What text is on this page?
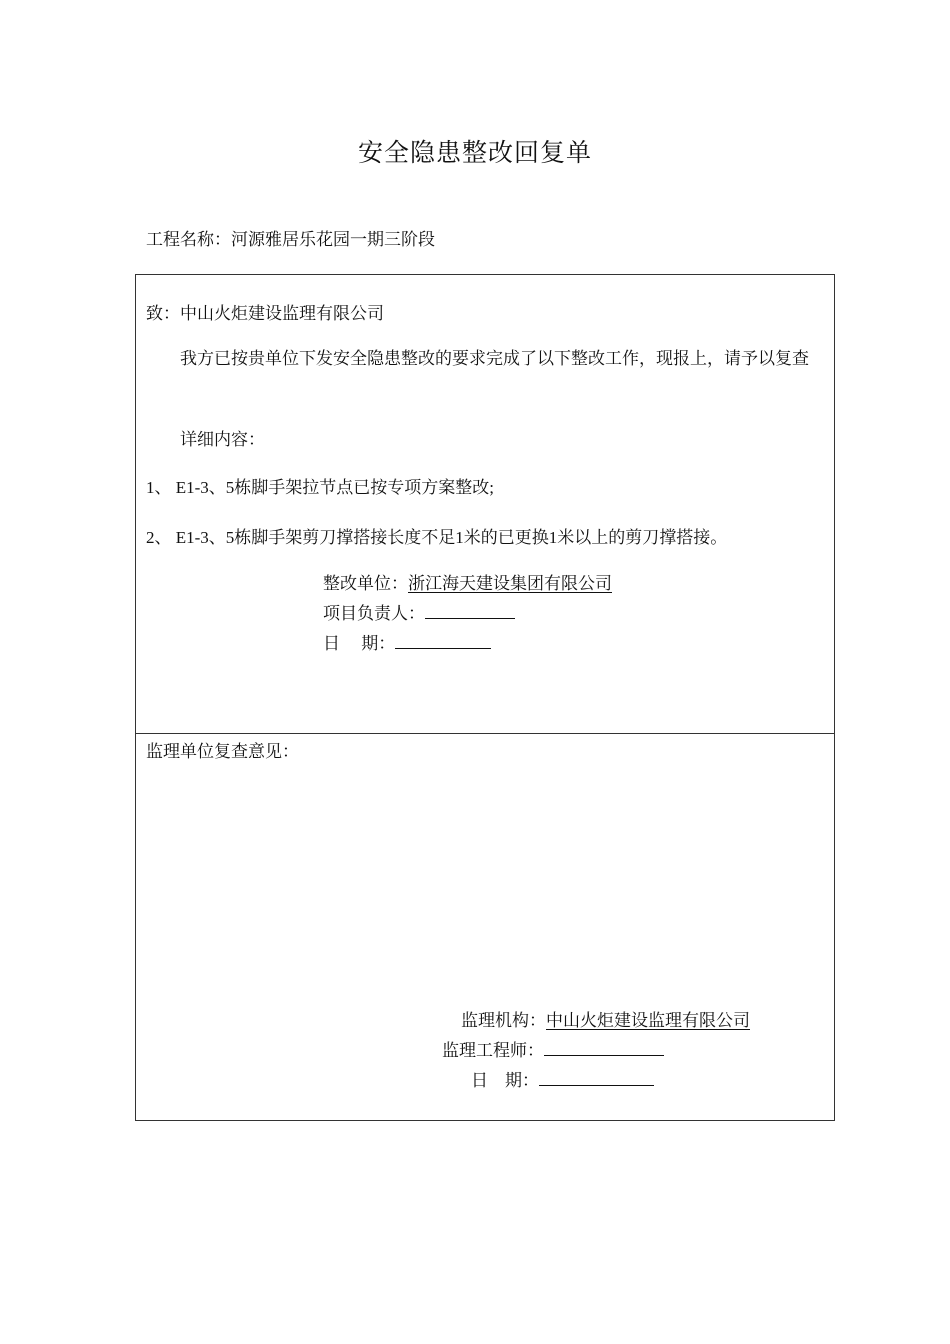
安全隐患整改回复单
工程名称：河源雅居乐花园一期三阶段
致：中山火炬建设监理有限公司
我方已按贵单位下发安全隐患整改的要求完成了以下整改工作，现报上，请予以复查
详细内容：
1、 E1-3、5栋脚手架拉节点已按专项方案整改;
2、 E1-3、5栋脚手架剪刀撑搭接长度不足1米的已更换1米以上的剪刀撑搭接。
整改单位：浙江海天建设集团有限公司
项目负责人：
日　 期：
监理单位复查意见：
监理机构：中山火炬建设监理有限公司
监理工程师：
日　期：
